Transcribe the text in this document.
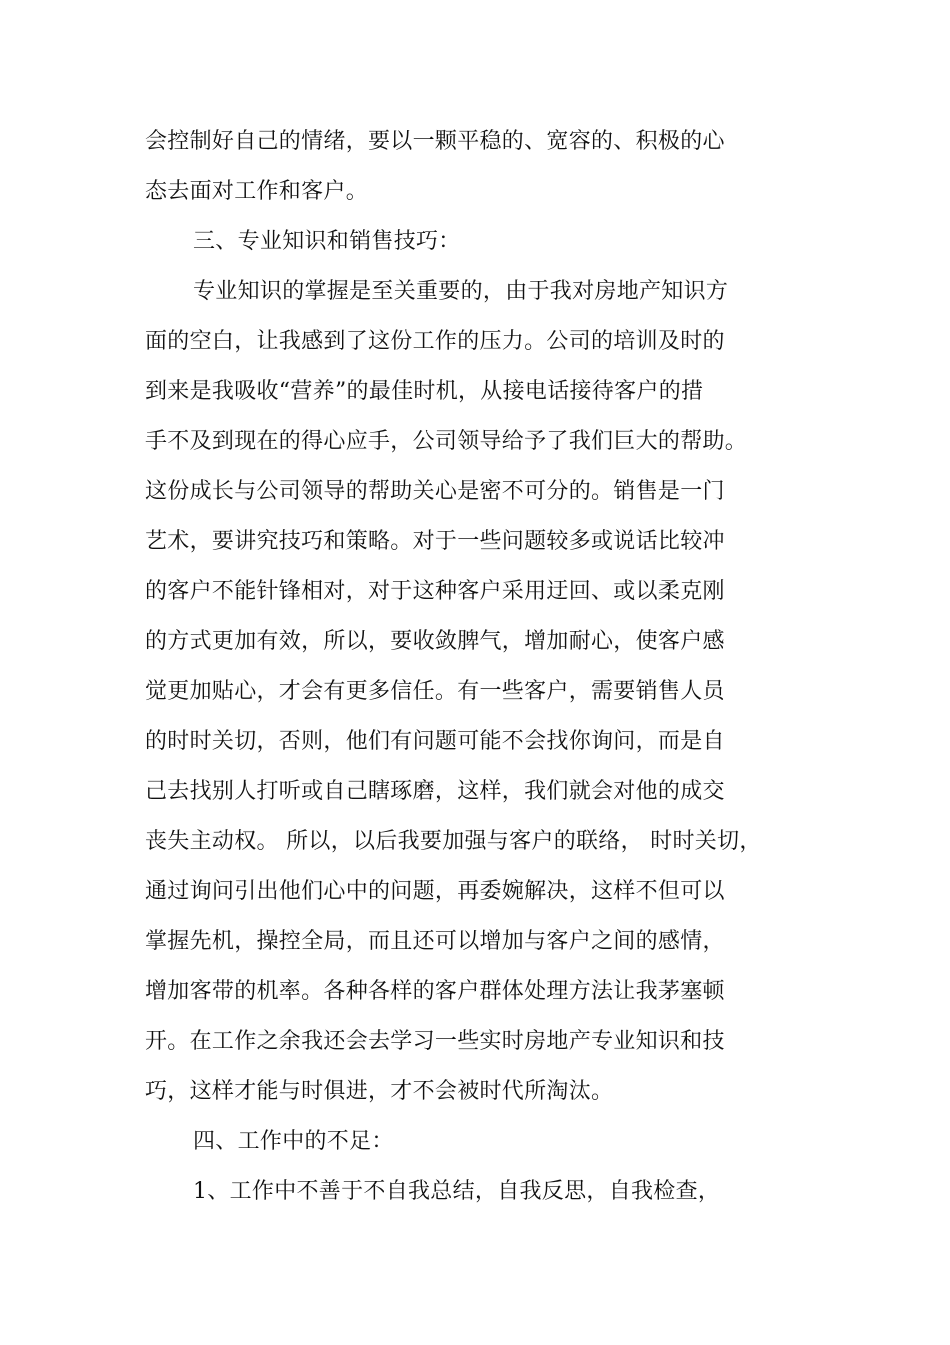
会控制好自己的情绪，要以一颗平稳的、宽容的、积极的心
态去面对工作和客户。
三、专业知识和销售技巧：
专业知识的掌握是至关重要的，由于我对房地产知识方
面的空白，让我感到了这份工作的压力。公司的培训及时的
到来是我吸收“营养”的最佳时机，从接电话接待客户的措
手不及到现在的得心应手，公司领导给予了我们巨大的帮助。
这份成长与公司领导的帮助关心是密不可分的。销售是一门
艺术，要讲究技巧和策略。对于一些问题较多或说话比较冲
的客户不能针锋相对，对于这种客户采用迂回、或以柔克刚
的方式更加有效，所以，要收敛脾气，增加耐心，使客户感
觉更加贴心，才会有更多信任。有一些客户，需要销售人员
的时时关切，否则，他们有问题可能不会找你询问，而是自
己去找别人打听或自己瞎琢磨，这样，我们就会对他的成交
丧失主动权。 所以，以后我要加强与客户的联络， 时时关切，
通过询问引出他们心中的问题，再委婉解决，这样不但可以
掌握先机，操控全局，而且还可以增加与客户之间的感情，
增加客带的机率。各种各样的客户群体处理方法让我茅塞顿
开。在工作之余我还会去学习一些实时房地产专业知识和技
巧，这样才能与时俱进，才不会被时代所淘汰。
四、工作中的不足：
1、工作中不善于不自我总结，自我反思，自我检查，
